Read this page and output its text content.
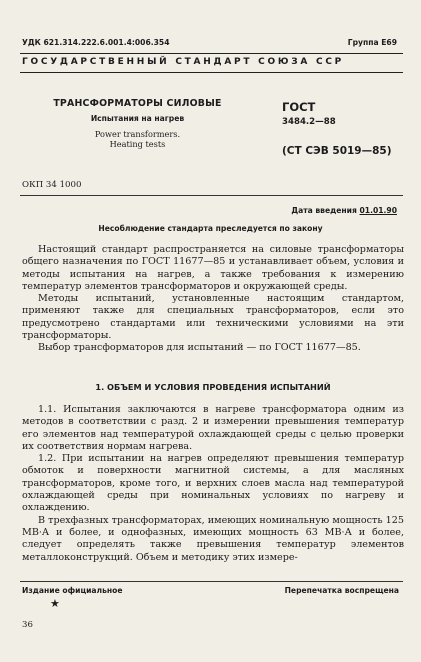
УДК 621.314.222.6.001.4:006.354	Группа Е69
ГОСУДАРСТВЕННЫЙ СТАНДАРТ СОЮЗА ССР
ТРАНСФОРМАТОРЫ СИЛОВЫЕ
Испытания на нагрев
Power transformers.
Heating tests
ГОСТ
3484.2—88
(СТ СЭВ 5019—85)
ОКП 34 1000
Дата введения 01.01.90
Несоблюдение стандарта преследуется по закону

Настоящий стандарт распространяется на силовые трансформаторы общего назначения по ГОСТ 11677—85 и устанавливает объем, условия и методы испытания на нагрев, а также требования к измерению температур элементов трансформаторов и окружающей среды.

Методы испытаний, установленные настоящим стандартом, применяют также для специальных трансформаторов, если это предусмотрено стандартами или техническими условиями на эти трансформаторы.

Выбор трансформаторов для испытаний — по ГОСТ 11677—85.

1. ОБЪЕМ И УСЛОВИЯ ПРОВЕДЕНИЯ ИСПЫТАНИЙ

1.1. Испытания заключаются в нагреве трансформатора одним из методов в соответствии с разд. 2 и измерении превышения температур его элементов над температурой охлаждающей среды с целью проверки их соответствия нормам нагрева.

1.2. При испытании на нагрев определяют превышения температур обмоток и поверхности магнитной системы, а для масляных трансформаторов, кроме того, и верхних слоев масла над температурой охлаждающей среды при номинальных условиях по нагреву и охлаждению.

В трехфазных трансформаторах, имеющих номинальную мощность 125 МВ·А и более, и однофазных, имеющих мощность 63 МВ·А и более, следует определять также превышения температур элементов металлоконструкций. Объем и методику этих измере-

Издание официальное	Перепечатка воспрещена
★
36
